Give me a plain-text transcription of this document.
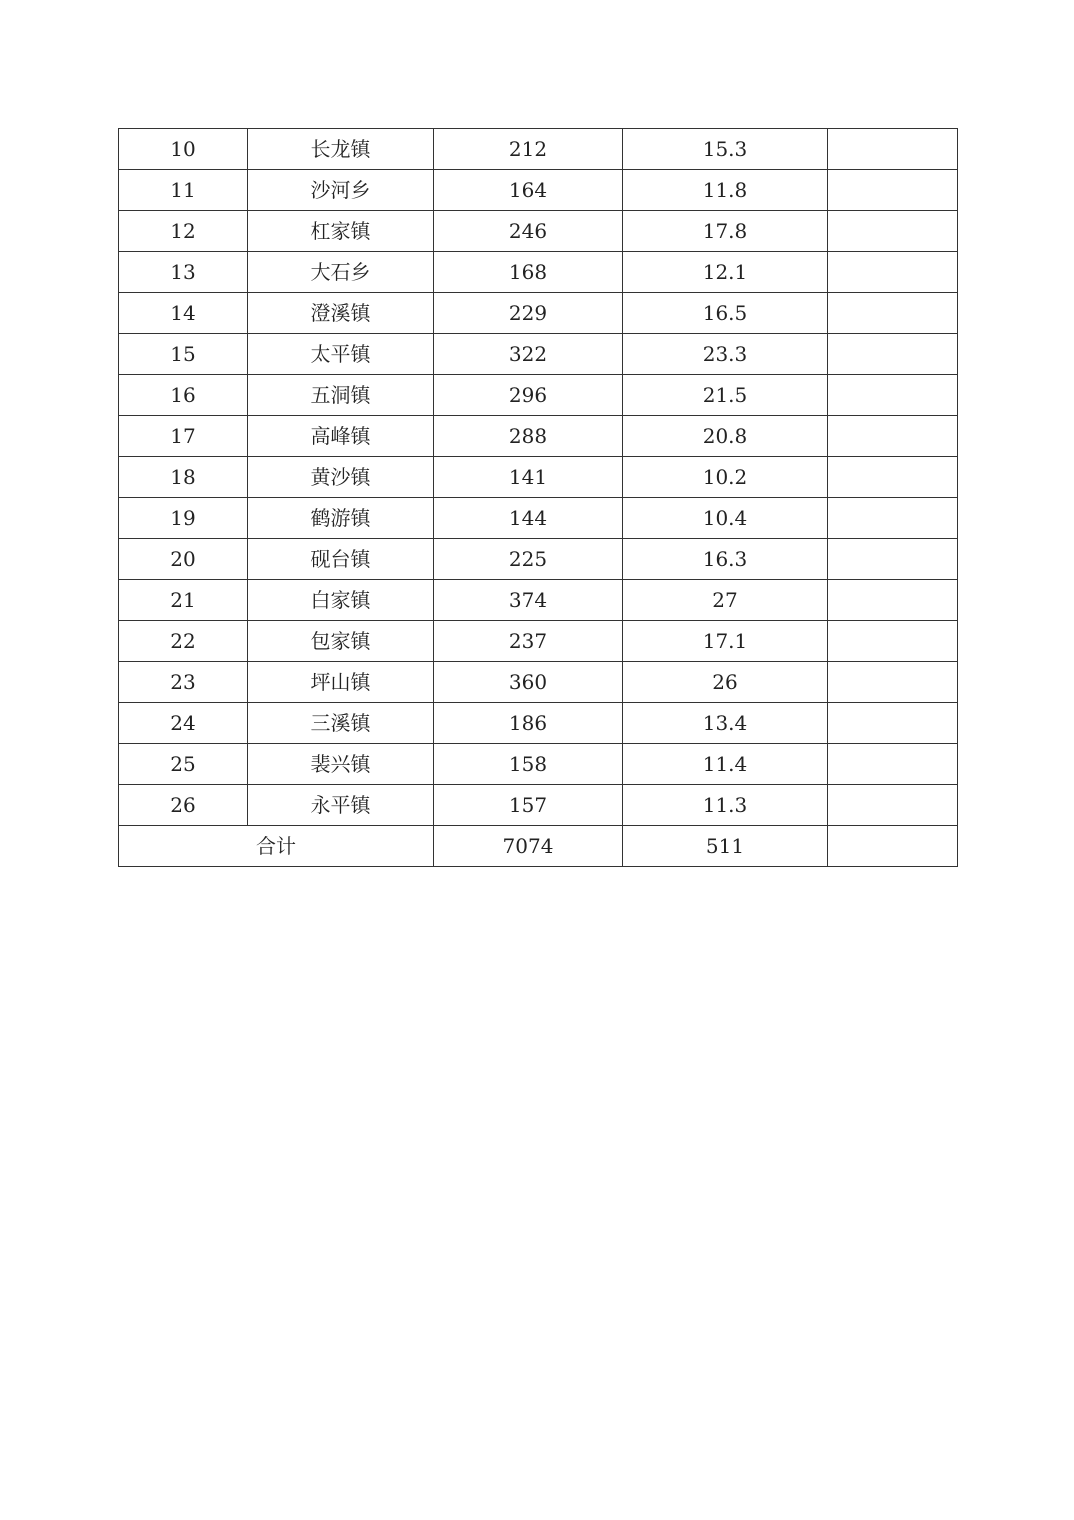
10	长龙镇	212	15.3	
11	沙河乡	164	11.8	
12	杠家镇	246	17.8	
13	大石乡	168	12.1	
14	澄溪镇	229	16.5	
15	太平镇	322	23.3	
16	五洞镇	296	21.5	
17	高峰镇	288	20.8	
18	黄沙镇	141	10.2	
19	鹤游镇	144	10.4	
20	砚台镇	225	16.3	
21	白家镇	374	27	
22	包家镇	237	17.1	
23	坪山镇	360	26	
24	三溪镇	186	13.4	
25	裴兴镇	158	11.4	
26	永平镇	157	11.3	
合计		7074	511	
